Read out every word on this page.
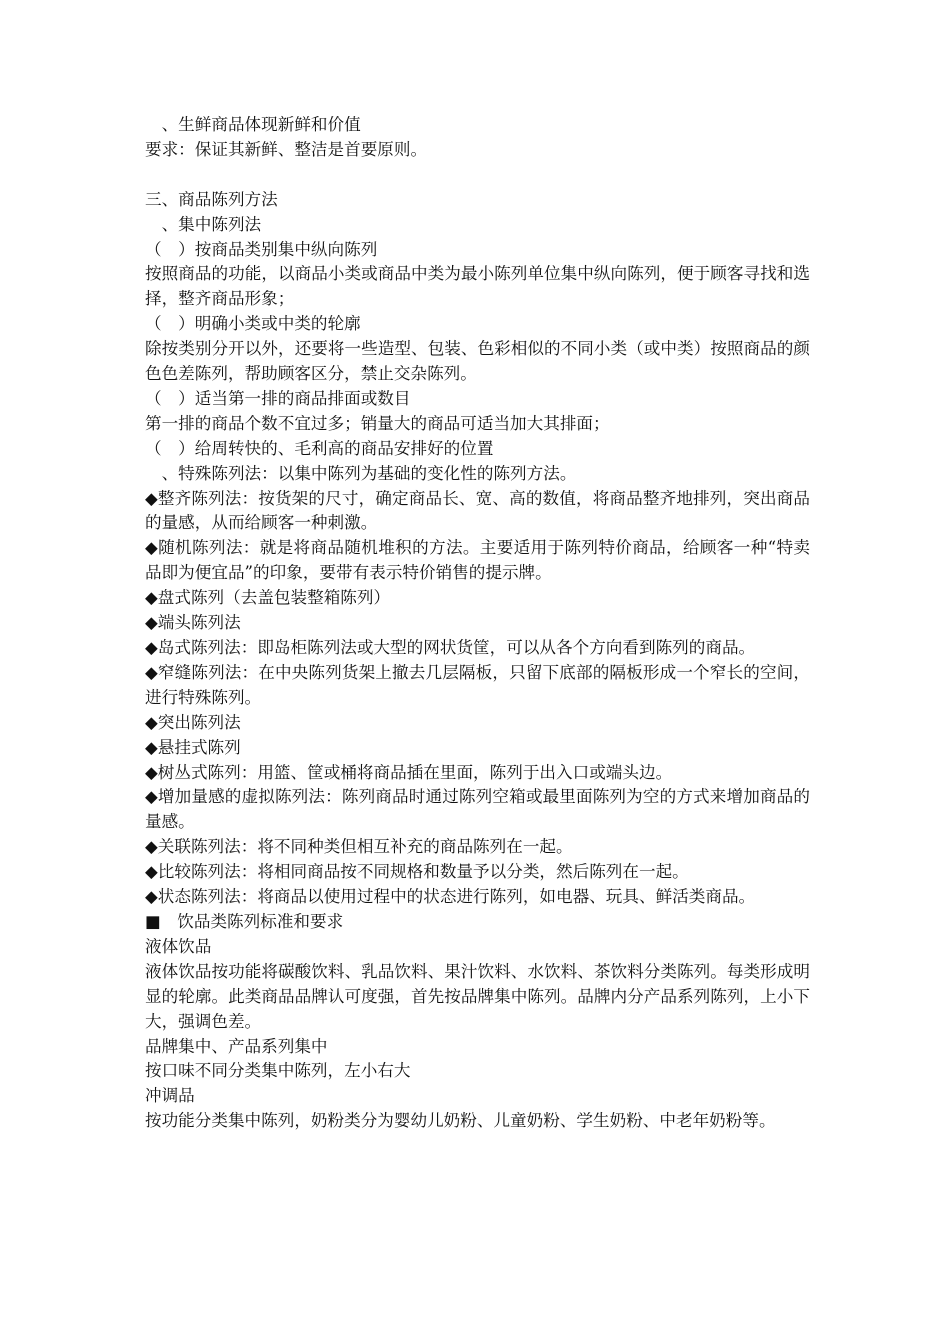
　、生鲜商品体现新鲜和价值

要求：保证其新鲜、整洁是首要原则。

三、商品陈列方法

　、集中陈列法

（　）按商品类别集中纵向陈列

按照商品的功能，以商品小类或商品中类为最小陈列单位集中纵向陈列，便于顾客寻找和选择，整齐商品形象；

（　）明确小类或中类的轮廓

除按类别分开以外，还要将一些造型、包装、色彩相似的不同小类（或中类）按照商品的颜色色差陈列，帮助顾客区分，禁止交杂陈列。

（　）适当第一排的商品排面或数目

第一排的商品个数不宜过多；销量大的商品可适当加大其排面；

（　）给周转快的、毛利高的商品安排好的位置

　、特殊陈列法：以集中陈列为基础的变化性的陈列方法。

◆整齐陈列法：按货架的尺寸，确定商品长、宽、高的数值，将商品整齐地排列，突出商品的量感，从而给顾客一种刺激。

◆随机陈列法：就是将商品随机堆积的方法。主要适用于陈列特价商品，给顾客一种“特卖品即为便宜品”的印象，要带有表示特价销售的提示牌。

◆盘式陈列（去盖包装整箱陈列）

◆端头陈列法

◆岛式陈列法：即岛柜陈列法或大型的网状货筐，可以从各个方向看到陈列的商品。

◆窄缝陈列法：在中央陈列货架上撤去几层隔板，只留下底部的隔板形成一个窄长的空间，进行特殊陈列。

◆突出陈列法

◆悬挂式陈列

◆树丛式陈列：用篮、筐或桶将商品插在里面，陈列于出入口或端头边。

◆增加量感的虚拟陈列法：陈列商品时通过陈列空箱或最里面陈列为空的方式来增加商品的量感。

◆关联陈列法：将不同种类但相互补充的商品陈列在一起。

◆比较陈列法：将相同商品按不同规格和数量予以分类，然后陈列在一起。

◆状态陈列法：将商品以使用过程中的状态进行陈列，如电器、玩具、鲜活类商品。

■　饮品类陈列标准和要求

液体饮品

液体饮品按功能将碳酸饮料、乳品饮料、果汁饮料、水饮料、茶饮料分类陈列。每类形成明显的轮廓。此类商品品牌认可度强，首先按品牌集中陈列。品牌内分产品系列陈列，上小下大，强调色差。

品牌集中、产品系列集中

按口味不同分类集中陈列，左小右大

冲调品

按功能分类集中陈列，奶粉类分为婴幼儿奶粉、儿童奶粉、学生奶粉、中老年奶粉等。
